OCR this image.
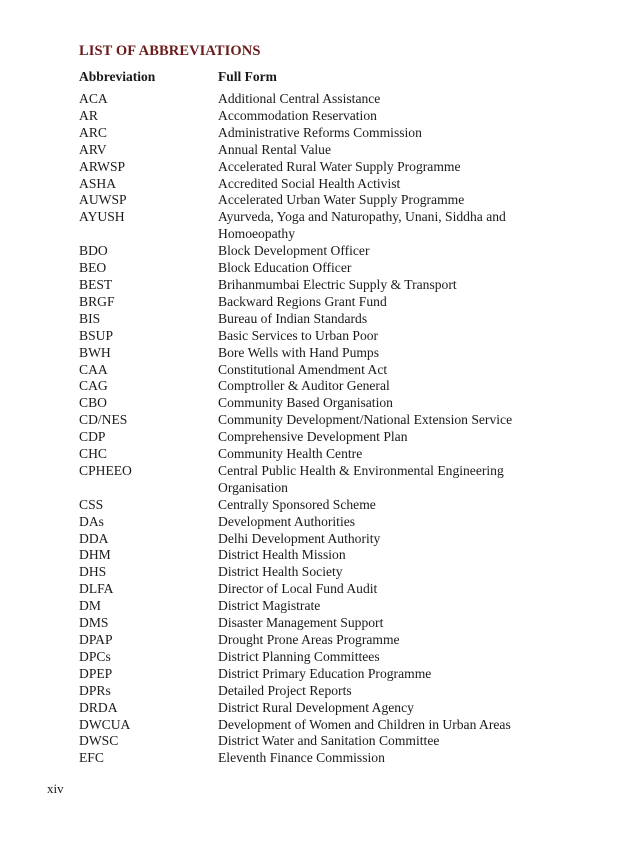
LIST OF ABBREVIATIONS
Abbreviation	Full Form
ACA	Additional Central Assistance
AR	Accommodation Reservation
ARC	Administrative Reforms Commission
ARV	Annual Rental Value
ARWSP	Accelerated Rural Water Supply Programme
ASHA	Accredited Social Health Activist
AUWSP	Accelerated Urban Water Supply Programme
AYUSH	Ayurveda, Yoga and Naturopathy, Unani, Siddha and Homoeopathy
BDO	Block Development Officer
BEO	Block Education Officer
BEST	Brihanmumbai Electric Supply & Transport
BRGF	Backward Regions Grant Fund
BIS	Bureau of Indian Standards
BSUP	Basic Services to Urban Poor
BWH	Bore Wells with Hand Pumps
CAA	Constitutional Amendment Act
CAG	Comptroller & Auditor General
CBO	Community Based Organisation
CD/NES	Community Development/National Extension Service
CDP	Comprehensive Development Plan
CHC	Community Health Centre
CPHEEO	Central Public Health & Environmental Engineering Organisation
CSS	Centrally Sponsored Scheme
DAs	Development Authorities
DDA	Delhi Development Authority
DHM	District Health Mission
DHS	District Health Society
DLFA	Director of Local Fund Audit
DM	District Magistrate
DMS	Disaster Management Support
DPAP	Drought Prone Areas Programme
DPCs	District Planning Committees
DPEP	District Primary Education Programme
DPRs	Detailed Project Reports
DRDA	District Rural Development Agency
DWCUA	Development of Women and Children in Urban Areas
DWSC	District Water and Sanitation Committee
EFC	Eleventh Finance Commission
xiv
